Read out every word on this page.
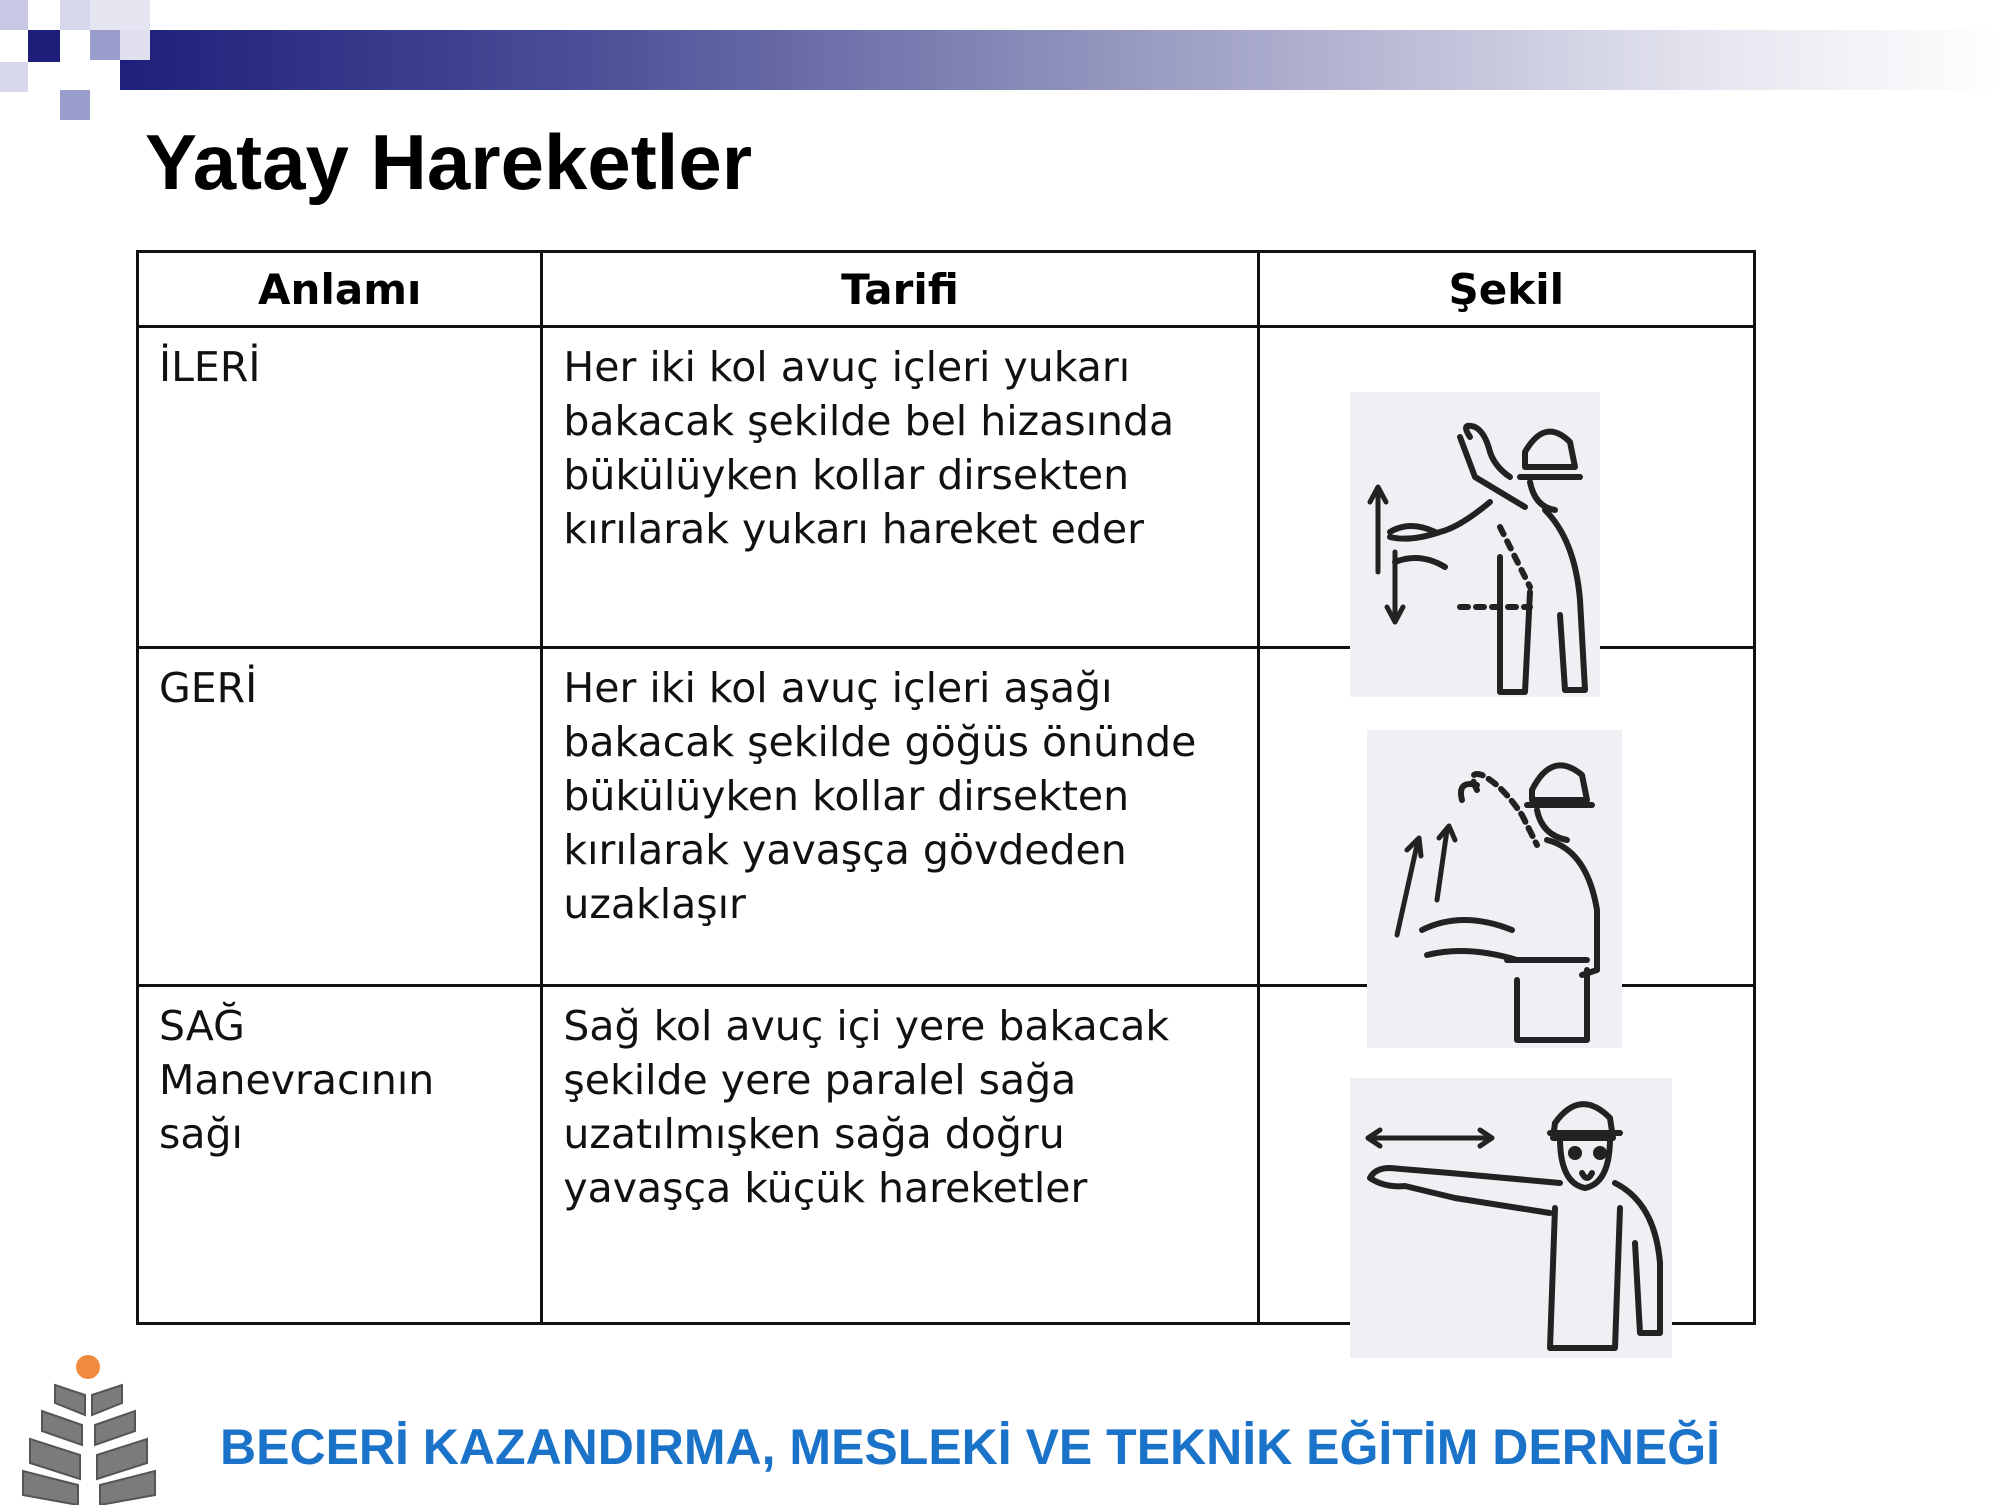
Yatay Hareketler
Anlamı	Tarifi	Şekil
İLERİ	Her iki kol avuç içleri yukarı bakacak şekilde bel hizasında bükülüyken kollar dirsekten kırılarak yukarı hareket eder	
GERİ	Her iki kol avuç içleri aşağı bakacak şekilde göğüs önünde bükülüyken kollar dirsekten kırılarak yavaşça gövdeden uzaklaşır	
SAĞ Manevracının sağı	Sağ kol avuç içi yere bakacak şekilde yere paralel sağa uzatılmışken sağa doğru yavaşça küçük hareketler	
BECERİ KAZANDIRMA, MESLEKİ VE TEKNİK EĞİTİM DERNEĞİ
